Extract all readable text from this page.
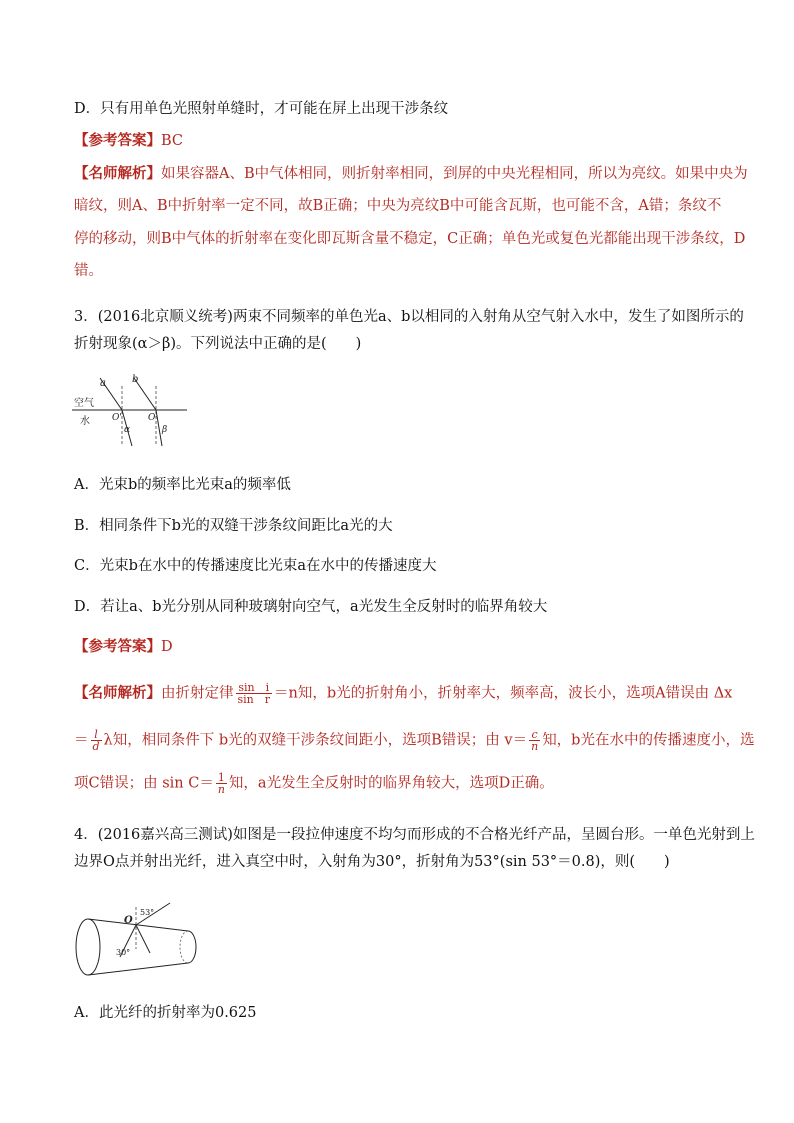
D．只有用单色光照射单缝时，才可能在屏上出现干涉条纹
【参考答案】BC
【名师解析】如果容器A、B中气体相同，则折射率相同，到屏的中央光程相同，所以为亮纹。如果中央为
暗纹，则A、B中折射率一定不同，故B正确；中央为亮纹B中可能含瓦斯，也可能不含，A错；条纹不
停的移动，则B中气体的折射率在变化即瓦斯含量不稳定，C正确；单色光或复色光都能出现干涉条纹，D
错。
3．(2016北京顺义统考)两束不同频率的单色光a、b以相同的入射角从空气射入水中，发生了如图所示的
折射现象(α＞β)。下列说法中正确的是(　　)
空气
水
a	b
O'	O
α	β
A．光束b的频率比光束a的频率低
B．相同条件下b光的双缝干涉条纹间距比a光的大
C．光束b在水中的传播速度比光束a在水中的传播速度大
D．若让a、b光分别从同种玻璃射向空气，a光发生全反射时的临界角较大
【参考答案】D
【名师解析】由折射定律 $\frac{\text{sin　i}}{\text{sin　r}} =n$知，b光的折射角小，折射率大，频率高，波长小，选项A错误由 Δx
＝ $\frac{l}{d}$ λ知，相同条件下 b光的双缝干涉条纹间距小，选项B错误；由 $v= \frac{c}{n}$ 知，b光在水中的传播速度小，选
项C错误；由 $\sin C= \frac{1}{n}$ 知，a光发生全反射时的临界角较大，选项D正确。
4．(2016嘉兴高三测试)如图是一段拉伸速度不均匀而形成的不合格光纤产品，呈圆台形。一单色光射到上
边界O点并射出光纤，进入真空中时，入射角为30°，折射角为53°(sin 53°＝0.8)，则(　　)
O
53°
30°
A．此光纤的折射率为0.625
